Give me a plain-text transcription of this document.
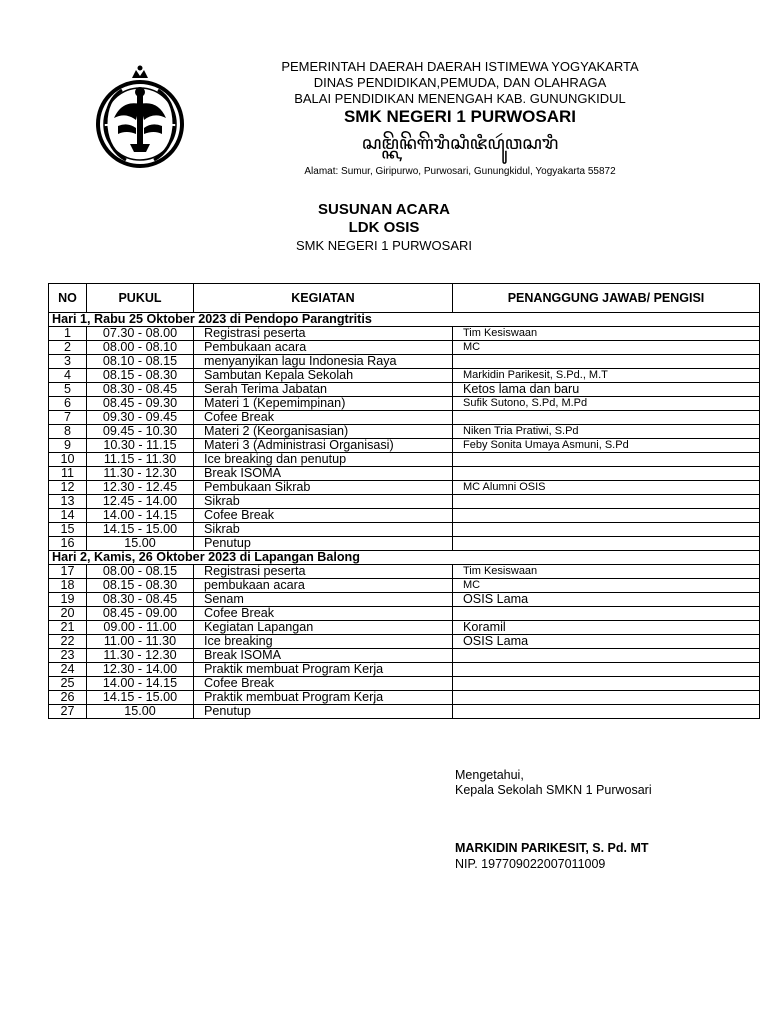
PEMERINTAH DAERAH DAERAH ISTIMEWA YOGYAKARTA
DINAS PENDIDIKAN,PEMUDA, DAN OLAHRAGA
BALAI PENDIDIKAN MENENGAH KAB. GUNUNGKIDUL
SMK NEGERI 1 PURWOSARI
ꦱꦩ꧀ꦏꦼꦤꦼꦒꦼꦫꦶꦱꦶꦗꦶꦥꦸꦂꦮꦱꦫꦶ
Alamat: Sumur, Giripurwo, Purwosari, Gunungkidul, Yogyakarta 55872
SUSUNAN ACARA
LDK OSIS
SMK NEGERI 1 PURWOSARI
NO	PUKUL	KEGIATAN	PENANGGUNG JAWAB/ PENGISI
Hari 1, Rabu 25 Oktober 2023 di Pendopo Parangtritis			
1	07.30 - 08.00	Registrasi peserta	Tim Kesiswaan
2	08.00 - 08.10	Pembukaan acara	MC
3	08.10 - 08.15	menyanyikan lagu Indonesia Raya	
4	08.15 - 08.30	Sambutan Kepala Sekolah	Markidin Parikesit, S.Pd., M.T
5	08.30 - 08.45	Serah Terima Jabatan	Ketos lama dan baru
6	08.45 - 09.30	Materi 1 (Kepemimpinan)	Sufik Sutono, S.Pd, M.Pd
7	09.30 - 09.45	Cofee Break	
8	09.45 - 10.30	Materi 2 (Keorganisasian)	Niken Tria Pratiwi, S.Pd
9	10.30 - 11.15	Materi 3 (Administrasi Organisasi)	Feby Sonita Umaya Asmuni, S.Pd
10	11.15 - 11.30	Ice breaking dan penutup	
11	11.30 - 12.30	Break ISOMA	
12	12.30 - 12.45	Pembukaan Sikrab	MC Alumni OSIS
13	12.45 - 14.00	Sikrab	
14	14.00 - 14.15	Cofee Break	
15	14.15 - 15.00	Sikrab	
16	15.00	Penutup	
Hari 2, Kamis, 26 Oktober 2023 di Lapangan Balong			
17	08.00 - 08.15	Registrasi peserta	Tim Kesiswaan
18	08.15 - 08.30	pembukaan acara	MC
19	08.30 - 08.45	Senam	OSIS Lama
20	08.45 - 09.00	Cofee Break	
21	09.00 - 11.00	Kegiatan Lapangan	Koramil
22	11.00 - 11.30	Ice breaking	OSIS Lama
23	11.30 - 12.30	Break ISOMA	
24	12.30 - 14.00	Praktik membuat Program Kerja	
25	14.00 - 14.15	Cofee Break	
26	14.15 - 15.00	Praktik membuat Program Kerja	
27	15.00	Penutup	
Mengetahui,
Kepala Sekolah SMKN 1 Purwosari
MARKIDIN PARIKESIT, S. Pd. MT
NIP. 197709022007011009
